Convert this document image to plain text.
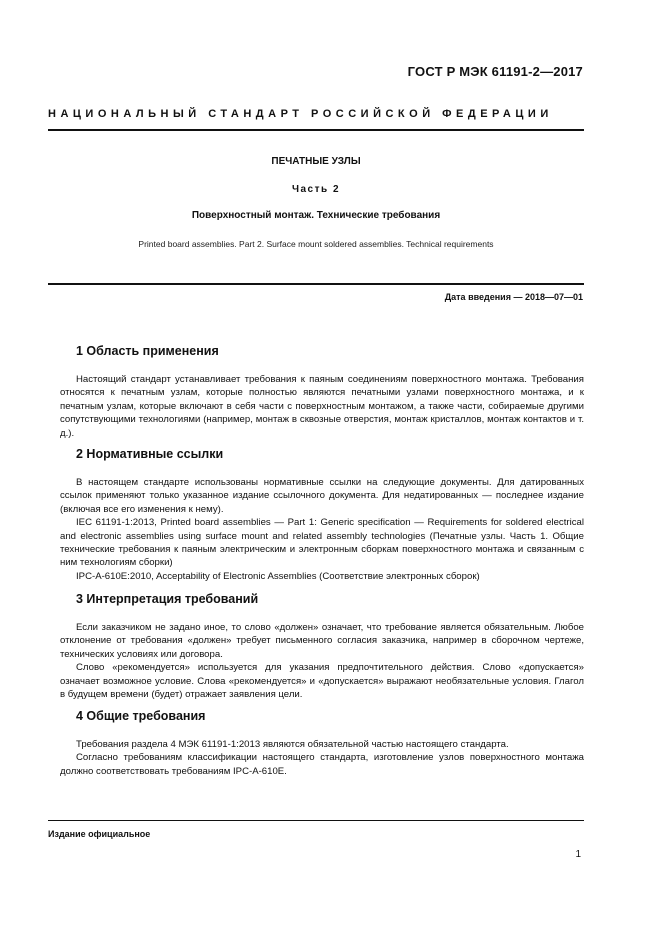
ГОСТ Р МЭК 61191-2—2017
НАЦИОНАЛЬНЫЙ СТАНДАРТ РОССИЙСКОЙ ФЕДЕРАЦИИ
ПЕЧАТНЫЕ УЗЛЫ
Часть 2
Поверхностный монтаж. Технические требования
Printed board assemblies. Part 2. Surface mount soldered assemblies. Technical requirements
Дата введения — 2018—07—01
1 Область применения

Настоящий стандарт устанавливает требования к паяным соединениям поверхностного монтажа. Требования относятся к печатным узлам, которые полностью являются печатными узлами поверхностного монтажа, и к печатным узлам, которые включают в себя части с поверхностным монтажом, а также части, собираемые другими сопутствующими технологиями (например, монтаж в сквозные отверстия, монтаж кристаллов, монтаж контактов и т. д.).

2 Нормативные ссылки

В настоящем стандарте использованы нормативные ссылки на следующие документы. Для датированных ссылок применяют только указанное издание ссылочного документа. Для недатированных — последнее издание (включая все его изменения к нему).

IEC 61191-1:2013, Printed board assemblies — Part 1: Generic specification — Requirements for soldered electrical and electronic assemblies using surface mount and related assembly technologies (Печатные узлы. Часть 1. Общие технические требования к паяным электрическим и электронным сборкам поверхностного монтажа и связанным с ним технологиям сборки)

IPC-A-610E:2010, Acceptability of Electronic Assemblies (Соответствие электронных сборок)

3 Интерпретация требований

Если заказчиком не задано иное, то слово «должен» означает, что требование является обязательным. Любое отклонение от требования «должен» требует письменного согласия заказчика, например в сборочном чертеже, технических условиях или договора.

Слово «рекомендуется» используется для указания предпочтительного действия. Слово «допускается» означает возможное условие. Слова «рекомендуется» и «допускается» выражают необязательные условия. Глагол в будущем времени (будет) отражает заявления цели.

4 Общие требования

Требования раздела 4 МЭК 61191-1:2013 являются обязательной частью настоящего стандарта.

Согласно требованиям классификации настоящего стандарта, изготовление узлов поверхностного монтажа должно соответствовать требованиям IPC-A-610E.

Издание официальное
1
